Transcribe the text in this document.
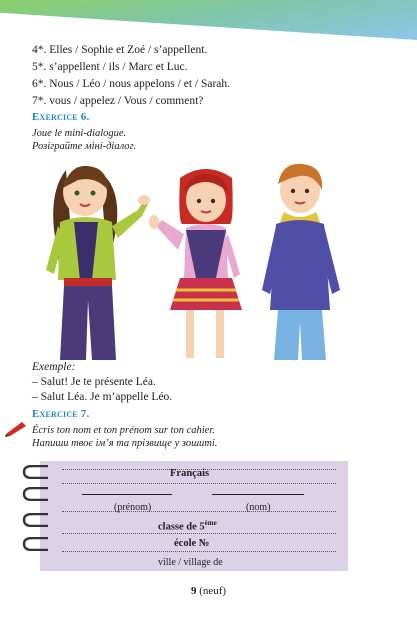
4*. Elles / Sophie et Zoé / s’appellent.
5*. s’appellent / ils / Marc et Luc.
6*. Nous / Léo / nous appelons / et / Sarah.
7*. vous / appelez / Vous / comment?
Exercice 6.
Joue le mini-dialogue.
Розіграйте міні-діалог.
Exemple:
– Salut! Je te présente Léa.
– Salut Léa. Je m’appelle Léo.
Exercice 7.
Écris ton nom et ton prénom sur ton cahier.
Напиши твоє ім’я та прізвище у зошиті.
Français
(prénom)	(nom)
classe de 5ème
école №
ville / village de
9 (neuf)
